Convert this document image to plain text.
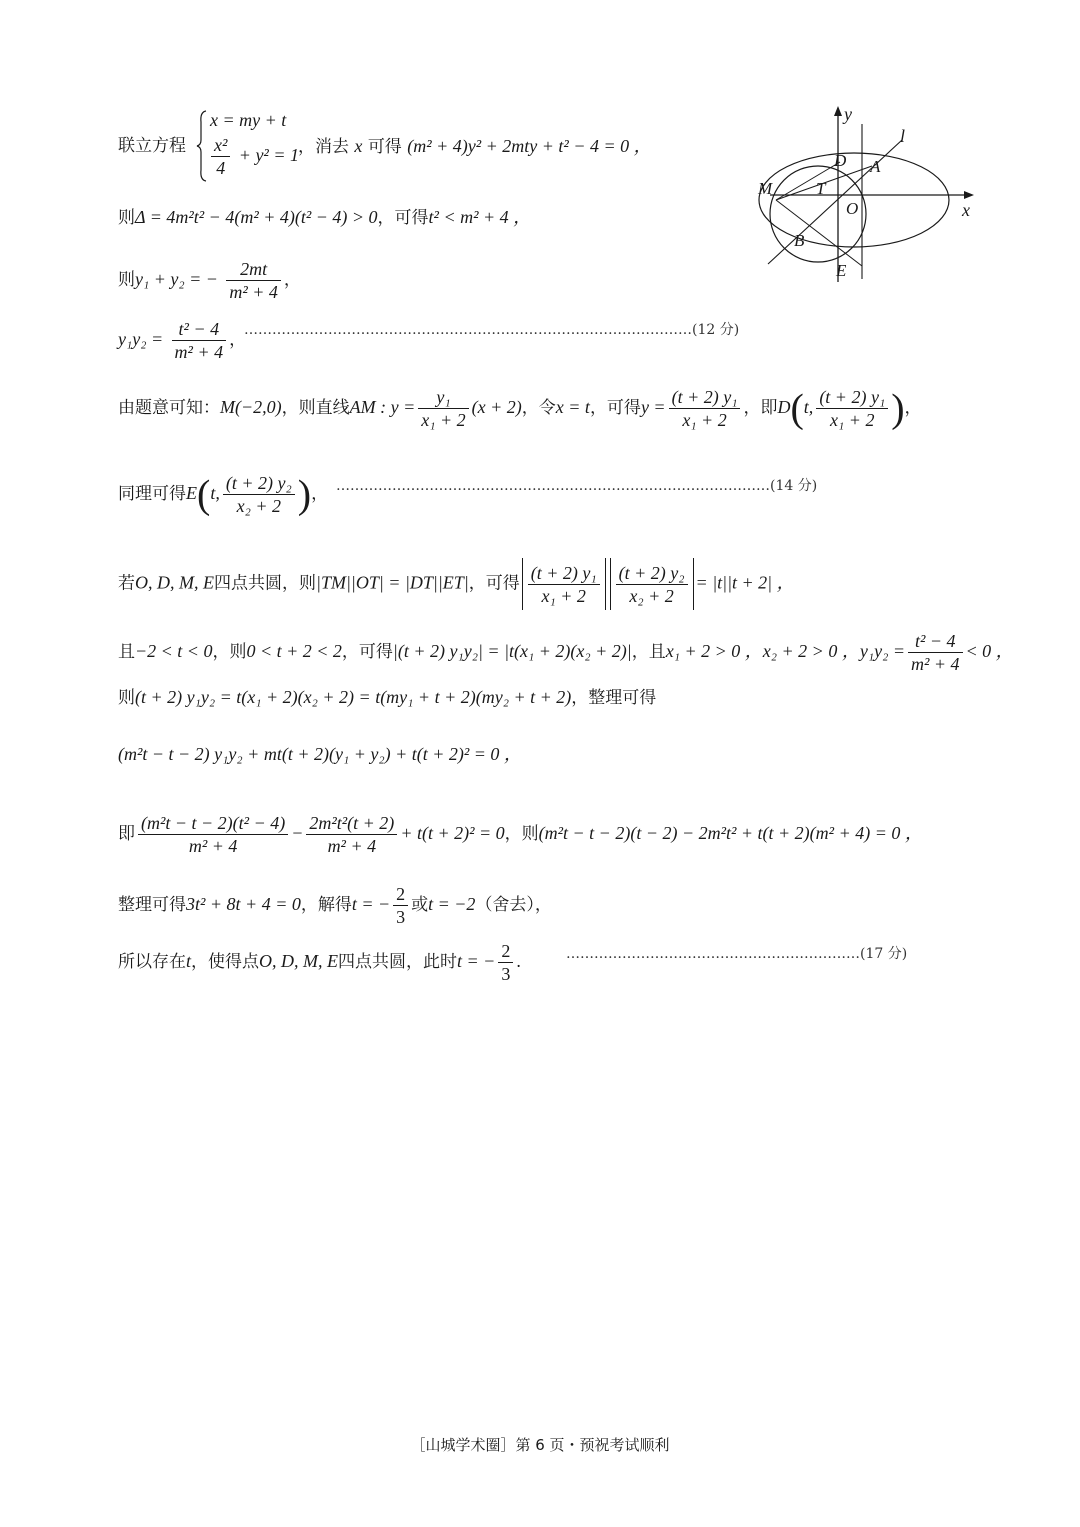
联立方程
x = my + t
$\frac{\text{x²}}{4} + y^2 = 1$ ，消去 x 可得 (m² + 4)y² + 2mty + t² − 4 = 0 ，
则Δ = 4m²t² − 4(m² + 4)(t² − 4) > 0，可得t² < m² + 4 ，
则y₁ + y₂ = − $\frac{2mt}{\text{m² + 4}}$ ，
$y_1y_2 = \frac{\text{t² − 4}}{\text{m² + 4}}$ ，
……………………………………………………………………………………(12 分)
由题意可知：M(−2,0)，则直线AM : $y = \frac{\text{y₁}}{\text{x₁ + 2}} (x + 2)$，令x = t，可得$y = \frac{\text{(t + 2) y₁}}{\text{x₁ + 2}}$ ，即D(t, $\frac{\text{(t + 2) y₁}}{\text{x₁ + 2}}$ )，
同理可得E(t, $\frac{\text{(t + 2) y₂}}{\text{x₂ + 2}}$ )， …………………………………………………………………………………(14 分)
若O, D, M, E四点共圆，则|TM||OT| = |DT||ET|，可得 $\frac{\text{(t + 2) y₁}}{\text{x₁ + 2}} \frac{\text{(t + 2) y₂}}{\text{x₂ + 2}} = |t||t + 2|$ ，
且−2 < t < 0，则0 < t + 2 < 2，可得|(t + 2) y₁y₂| = |t(x₁ + 2)(x₂ + 2)|，且x₁ + 2 > 0 ，x₂ + 2 > 0 ，$y_1y_2 = \frac{\text{t² − 4}}{\text{m² + 4}} < 0$ ，
则(t + 2) y₁y₂ = t(x₁ + 2)(x₂ + 2) = t(my₁ + t + 2)(my₂ + t + 2)，整理可得
(m²t − t − 2) y₁y₂ + mt(t + 2)(y₁ + y₂) + t(t + 2)² = 0 ，
即 $\frac{\text{(m²t − t − 2)(t² − 4)}}{\text{m² + 4}} - \frac{\text{2m²t²(t + 2)}}{\text{m² + 4}} + t(t + 2)^2 = 0$，则(m²t − t − 2)(t − 2) − 2m²t² + t(t + 2)(m² + 4) = 0 ，
整理可得3t² + 8t + 4 = 0，解得t = − $\frac{2}{3}$ 或t = −2（舍去），
所以存在t，使得点O, D, M, E四点共圆，此时t = − $\frac{2}{3}$ .	………………………………………………………(17 分)
y
x
l
D A
M	T
O
B
E
［山城学术圈］第 6 页・预祝考试顺利
